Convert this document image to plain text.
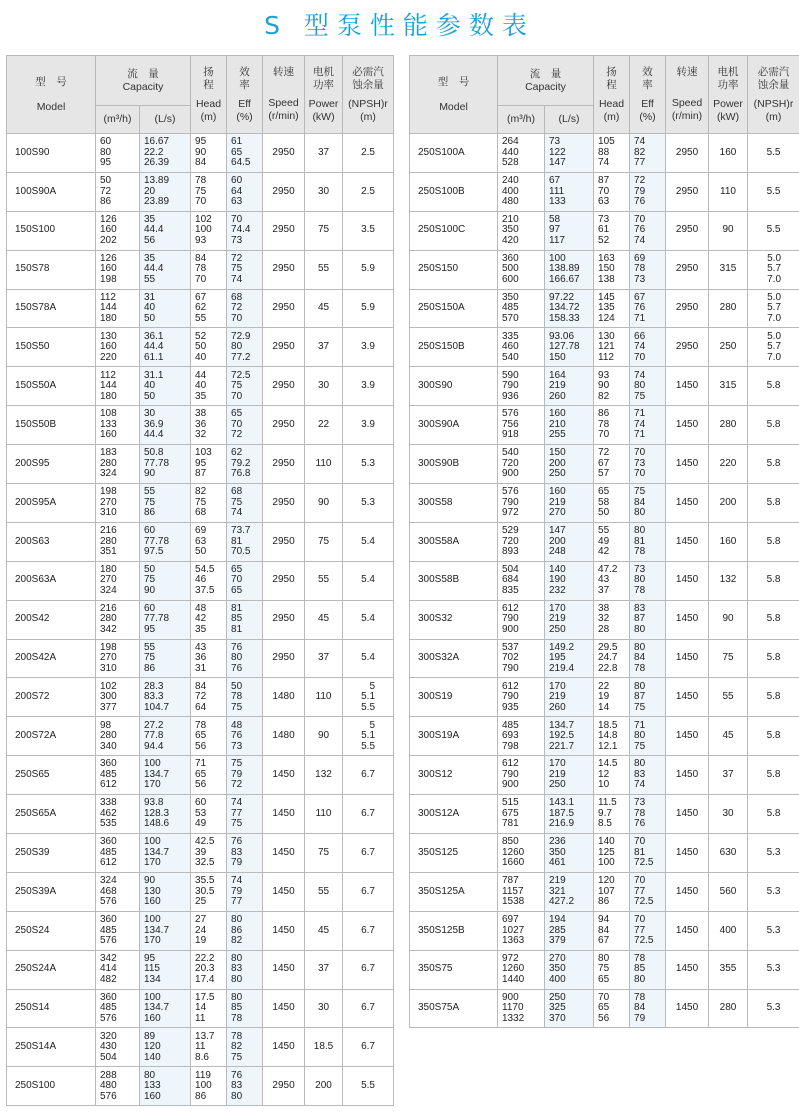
S 型泵性能参数表
型　号
Model	流　量
Capacity		扬
程
Head
(m)	效
率
Eff
(%)	转速
Speed
(r/min)	电机
功率
Power
(kW)	必需汽
蚀余量
(NPSH)r
(m)

	(m³/h)	(L/s)					
100S90	60
80
95	16.67
22.2
26.39	95
90
84	61
65
64.5	2950	37	2.5
100S90A	50
72
86	13.89
20
23.89	78
75
70	60
64
63	2950	30	2.5
150S100	126
160
202	35
44.4
56	102
100
93	70
74.4
73	2950	75	3.5
150S78	126
160
198	35
44.4
55	84
78
70	72
75
74	2950	55	5.9
150S78A	112
144
180	31
40
50	67
62
55	68
72
70	2950	45	5.9
150S50	130
160
220	36.1
44.4
61.1	52
50
40	72.9
80
77.2	2950	37	3.9
150S50A	112
144
180	31.1
40
50	44
40
35	72.5
75
70	2950	30	3.9
150S50B	108
133
160	30
36.9
44.4	38
36
32	65
70
72	2950	22	3.9
200S95	183
280
324	50.8
77.78
90	103
95
87	62
79.2
76.8	2950	110	5.3
200S95A	198
270
310	55
75
86	82
75
68	68
75
74	2950	90	5.3
200S63	216
280
351	60
77.78
97.5	69
63
50	73.7
81
70.5	2950	75	5.4
200S63A	180
270
324	50
75
90	54.5
46
37.5	65
70
65	2950	55	5.4
200S42	216
280
342	60
77.78
95	48
42
35	81
85
81	2950	45	5.4
200S42A	198
270
310	55
75
86	43
36
31	76
80
76	2950	37	5.4
200S72	102
300
377	28.3
83.3
104.7	84
72
64	50
78
75	1480	110	5
5.1
5.5

200S72A	98
280
340	27.2
77.8
94.4	78
65
56	48
76
73	1480	90	5
5.1
5.5

250S65	360
485
612	100
134.7
170	71
65
56	75
79
72	1450	132	6.7
250S65A	338
462
535	93.8
128.3
148.6	60
53
49	74
77
75	1450	110	6.7
250S39	360
485
612	100
134.7
170	42.5
39
32.5	76
83
79	1450	75	6.7
250S39A	324
468
576	90
130
160	35.5
30.5
25	74
79
77	1450	55	6.7
250S24	360
485
576	100
134.7
170	27
24
19	80
86
82	1450	45	6.7
250S24A	342
414
482	95
115
134	22.2
20.3
17.4	80
83
80	1450	37	6.7
250S14	360
485
576	100
134.7
160	17.5
14
11	80
85
78	1450	30	6.7
250S14A	320
430
504	89
120
140	13.7
11
8.6	78
82
75	1450	18.5	6.7
250S100	288
480
576	80
133
160	119
100
86	76
83
80	2950	200	5.5
型　号
Model	流　量
Capacity		扬
程
Head
(m)	效
率
Eff
(%)	转速
Speed
(r/min)	电机
功率
Power
(kW)	必需汽
蚀余量
(NPSH)r
(m)

	(m³/h)	(L/s)					
250S100A	264
440
528	73
122
147	105
88
74	74
82
77	2950	160	5.5
250S100B	240
400
480	67
111
133	87
70
63	72
79
76	2950	110	5.5
250S100C	210
350
420	58
97
117	73
61
52	70
76
74	2950	90	5.5
250S150	360
500
600	100
138.89
166.67	163
150
138	69
78
73	2950	315	5.0
5.7
7.0

250S150A	350
485
570	97.22
134.72
158.33	145
135
124	67
76
71	2950	280	5.0
5.7
7.0

250S150B	335
460
540	93.06
127.78
150	130
121
112	66
74
70	2950	250	5.0
5.7
7.0

300S90	590
790
936	164
219
260	93
90
82	74
80
75	1450	315	5.8
300S90A	576
756
918	160
210
255	86
78
70	71
74
71	1450	280	5.8
300S90B	540
720
900	150
200
250	72
67
57	70
73
70	1450	220	5.8
300S58	576
790
972	160
219
270	65
58
50	75
84
80	1450	200	5.8
300S58A	529
720
893	147
200
248	55
49
42	80
81
78	1450	160	5.8
300S58B	504
684
835	140
190
232	47.2
43
37	73
80
78	1450	132	5.8
300S32	612
790
900	170
219
250	38
32
28	83
87
80	1450	90	5.8
300S32A	537
702
790	149.2
195
219.4	29.5
24.7
22.8	80
84
78	1450	75	5.8
300S19	612
790
935	170
219
260	22
19
14	80
87
75	1450	55	5.8
300S19A	485
693
798	134.7
192.5
221.7	18.5
14.8
12.1	71
80
75	1450	45	5.8
300S12	612
790
900	170
219
250	14.5
12
10	80
83
74	1450	37	5.8
300S12A	515
675
781	143.1
187.5
216.9	11.5
9.7
8.5	73
78
76	1450	30	5.8
350S125	850
1260
1660	236
350
461	140
125
100	70
81
72.5	1450	630	5.3
350S125A	787
1157
1538	219
321
427.2	120
107
86	70
77
72.5	1450	560	5.3
350S125B	697
1027
1363	194
285
379	94
84
67	70
77
72.5	1450	400	5.3
350S75	972
1260
1440	270
350
400	80
75
65	78
85
80	1450	355	5.3
350S75A	900
1170
1332	250
325
370	70
65
56	78
84
79	1450	280	5.3
